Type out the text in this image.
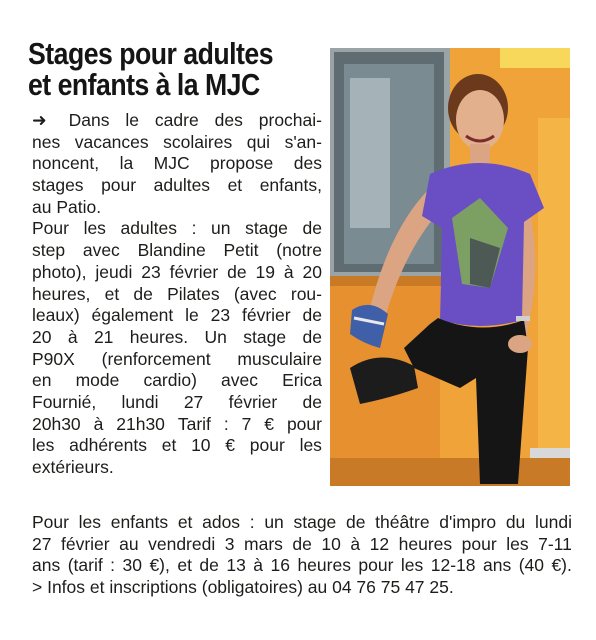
Stages pour adultes
et enfants à la MJC
➜ Dans le cadre des prochai-
nes vacances scolaires qui s'an-
noncent, la MJC propose des
stages pour adultes et enfants,
au Patio.
Pour les adultes : un stage de
step avec Blandine Petit (notre
photo), jeudi 23 février de 19 à 20
heures, et de Pilates (avec rou-
leaux) également le 23 février de
20 à 21 heures. Un stage de
P90X (renforcement musculaire
en mode cardio) avec Erica
Fournié, lundi 27 février de
20h30 à 21h30 Tarif : 7 € pour
les adhérents et 10 € pour les
extérieurs.
Pour les enfants et ados : un stage de théâtre d'impro du lundi
27 février au vendredi 3 mars de 10 à 12 heures pour les 7-11
ans (tarif : 30 €), et de 13 à 16 heures pour les 12-18 ans (40 €).
> Infos et inscriptions (obligatoires) au 04 76 75 47 25.
